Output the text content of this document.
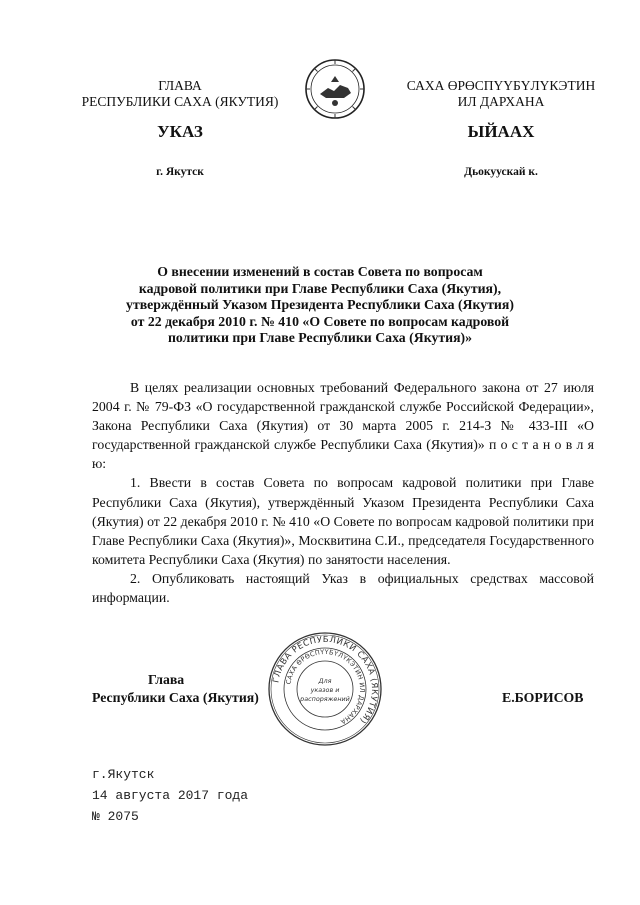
ГЛАВА
РЕСПУБЛИКИ САХА (ЯКУТИЯ)
САХА ӨРӨСПҮҮБҮЛҮКЭТИН
ИЛ ДАРХАНА
УКАЗ	ЫЙААХ
г. Якутск	Дьокуускай к.
О внесении изменений в состав Совета по вопросам
кадровой политики при Главе Республики Саха (Якутия),
утверждённый Указом Президента Республики Саха (Якутия)
от 22 декабря 2010 г. № 410 «О Совете по вопросам кадровой
политики при Главе Республики Саха (Якутия)»

В целях реализации основных требований Федерального закона от 27 июля 2004 г. № 79-ФЗ «О государственной гражданской службе Российской Федерации», Закона Республики Саха (Якутия) от 30 марта 2005 г. 214-З № 433-III «О государственной гражданской службе Республики Саха (Якутия)» п о с т а н о в л я ю:

1. Ввести в состав Совета по вопросам кадровой политики при Главе Республики Саха (Якутия), утверждённый Указом Президента Республики Саха (Якутия) от 22 декабря 2010 г. № 410 «О Совете по вопросам кадровой политики при Главе Республики Саха (Якутия)», Москвитина С.И., председателя Государственного комитета Республики Саха (Якутия) по занятости населения.

2. Опубликовать настоящий Указ в официальных средствах массовой информации.

ГЛАВА РЕСПУБЛИКИ САХА (ЯКУТИЯ)
САХА ӨРӨСПҮҮБҮЛҮКЭТИН ИЛ ДАРХАНА
Для
указов и
распоряжений
Глава
Республики Саха (Якутия)	Е.БОРИСОВ
г.Якутск
14 августа 2017 года
№ 2075
